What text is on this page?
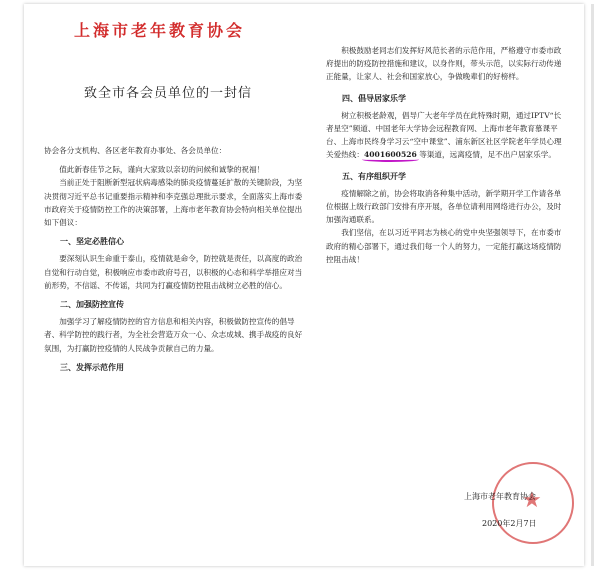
上海市老年教育协会
致全市各会员单位的一封信

协会各分支机构、各区老年教育办事处、各会员单位：

值此新春佳节之际，谨向大家致以亲切的问候和诚挚的祝福！

当前正处于阻断新型冠状病毒感染的肺炎疫情蔓延扩散的关键阶段，为坚决贯彻习近平总书记重要指示精神和李克强总理批示要求，全面落实上海市委市政府关于疫情防控工作的决策部署，上海市老年教育协会特向相关单位提出如下倡议：

一、坚定必胜信心

要深刻认识生命重于泰山，疫情就是命令，防控就是责任，以高度的政治自觉和行动自觉，积极响应市委市政府号召，以积极的心态和科学举措应对当前形势，不信谣、不传谣，共同为打赢疫情防控阻击战树立必胜的信心。

二、加强防控宣传

加强学习了解疫情防控的官方信息和相关内容，积极做防控宣传的倡导者、科学防控的践行者，为全社会营造万众一心、众志成城、携手战疫的良好氛围，为打赢防控疫情的人民战争贡献自己的力量。

三、发挥示范作用

积极鼓励老同志们发挥好风范长者的示范作用，严格遵守市委市政府提出的防疫防控措施和建议，以身作则，带头示范，以实际行动传递正能量，让家人、社会和国家放心，争做晚辈们的好榜样。

四、倡导居家乐学

树立积极老龄观，倡导广大老年学员在此特殊时期，通过IPTV“长者星空”频道、中国老年大学协会远程教育网、上海市老年教育慕课平台、上海市民终身学习云“空中课堂”、浦东新区社区学院老年学员心理关爱热线：4001600526 等渠道，远离疫情，足不出户居家乐学。

五、有序组织开学

疫情解除之前，协会将取消各种集中活动，新学期开学工作请各单位根据上级行政部门安排有序开展，各单位请利用网络进行办公，及时加强沟通联系。

我们坚信，在以习近平同志为核心的党中央坚强领导下，在市委市政府的精心部署下，通过我们每一个人的努力，一定能打赢这场疫情防控阻击战！

★
上海市老年教育协会
2020年2月7日
